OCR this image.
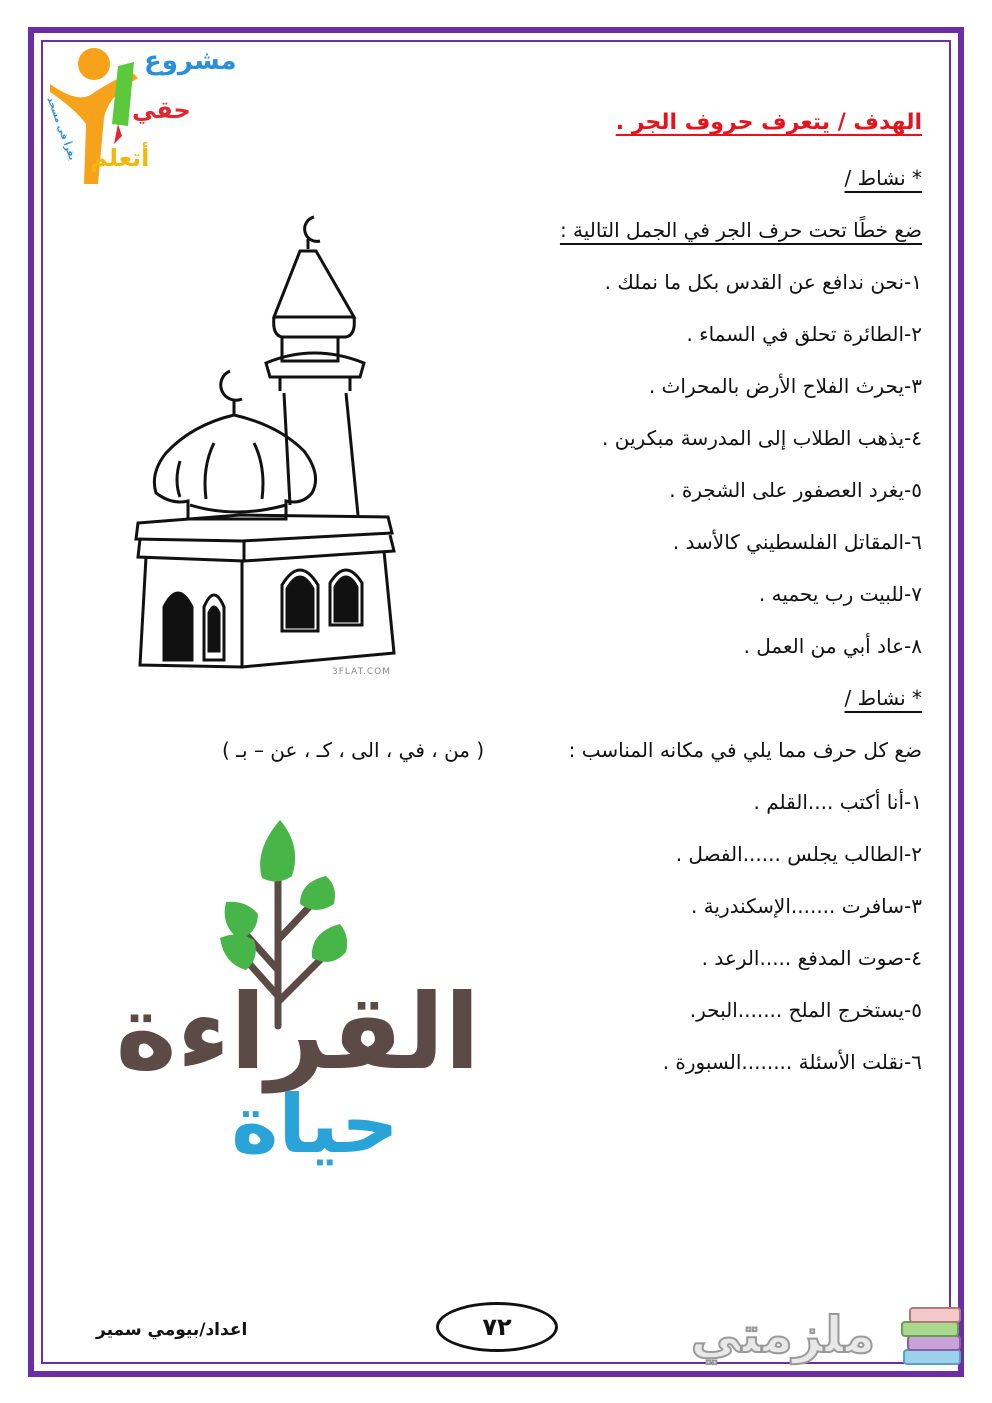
مشروع
حقي
أتعلم
يقرأ في مسجد	الهدف / يتعرف حروف الجر .
* نشاط /
ضع خطًا تحت حرف الجر في الجمل التالية :
١-نحن ندافع عن القدس بكل ما نملك .
٢-الطائرة تحلق في السماء .
٣-يحرث الفلاح الأرض بالمحراث .
٤-يذهب الطلاب إلى المدرسة مبكرين .
٥-يغرد العصفور على الشجرة .
٦-المقاتل الفلسطيني كالأسد .
٧-للبيت رب يحميه .
٨-عاد أبي من العمل .
3FLAT.COM
* نشاط /
ضع كل حرف مما يلي في مكانه المناسب :
( من ، في ، الى ، كـ ، عن – بـ )
١-أنا أكتب ....القلم .
٢-الطالب يجلس ......الفصل .
٣-سافرت .......الإسكندرية .
٤-صوت المدفع .....الرعد .
٥-يستخرج الملح .......البحر.
٦-نقلت الأسئلة ........السبورة .
القراءة
حياة
٧٢
اعداد/بيومي سمير	ملزمتي
